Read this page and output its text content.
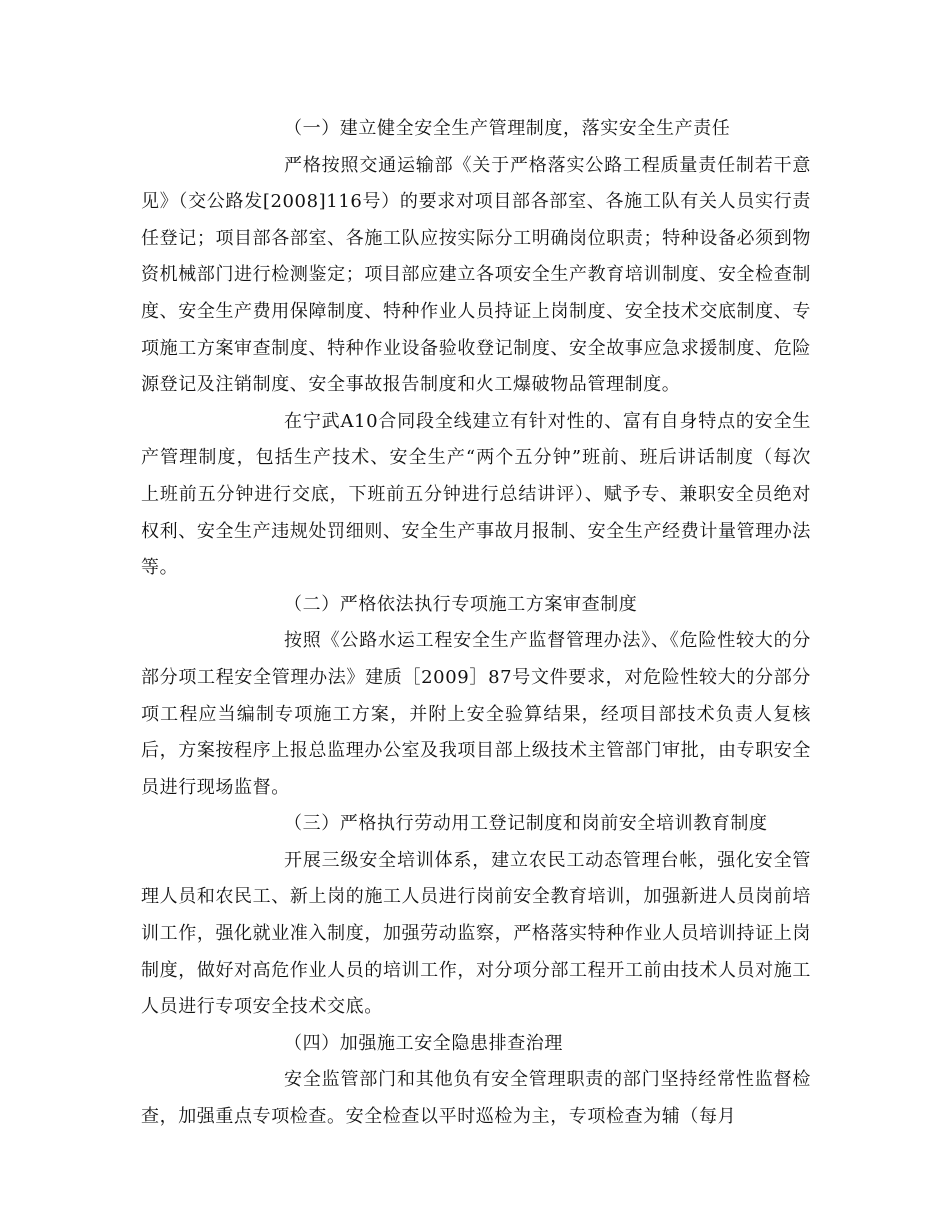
（一）建立健全安全生产管理制度，落实安全生产责任

严格按照交通运输部《关于严格落实公路工程质量责任制若干意见》（交公路发[2008]116号）的要求对项目部各部室、各施工队有关人员实行责任登记；项目部各部室、各施工队应按实际分工明确岗位职责；特种设备必须到物资机械部门进行检测鉴定；项目部应建立各项安全生产教育培训制度、安全检查制度、安全生产费用保障制度、特种作业人员持证上岗制度、安全技术交底制度、专项施工方案审查制度、特种作业设备验收登记制度、安全故事应急求援制度、危险源登记及注销制度、安全事故报告制度和火工爆破物品管理制度。

在宁武A10合同段全线建立有针对性的、富有自身特点的安全生产管理制度，包括生产技术、安全生产“两个五分钟”班前、班后讲话制度（每次上班前五分钟进行交底，下班前五分钟进行总结讲评）、赋予专、兼职安全员绝对权利、安全生产违规处罚细则、安全生产事故月报制、安全生产经费计量管理办法等。

（二）严格依法执行专项施工方案审查制度

按照《公路水运工程安全生产监督管理办法》、《危险性较大的分部分项工程安全管理办法》建质［2009］87号文件要求，对危险性较大的分部分项工程应当编制专项施工方案，并附上安全验算结果，经项目部技术负责人复核后，方案按程序上报总监理办公室及我项目部上级技术主管部门审批，由专职安全员进行现场监督。

（三）严格执行劳动用工登记制度和岗前安全培训教育制度

开展三级安全培训体系，建立农民工动态管理台帐，强化安全管理人员和农民工、新上岗的施工人员进行岗前安全教育培训，加强新进人员岗前培训工作，强化就业准入制度，加强劳动监察，严格落实特种作业人员培训持证上岗制度，做好对高危作业人员的培训工作，对分项分部工程开工前由技术人员对施工人员进行专项安全技术交底。

（四）加强施工安全隐患排查治理

安全监管部门和其他负有安全管理职责的部门坚持经常性监督检查，加强重点专项检查。安全检查以平时巡检为主，专项检查为辅（每月
